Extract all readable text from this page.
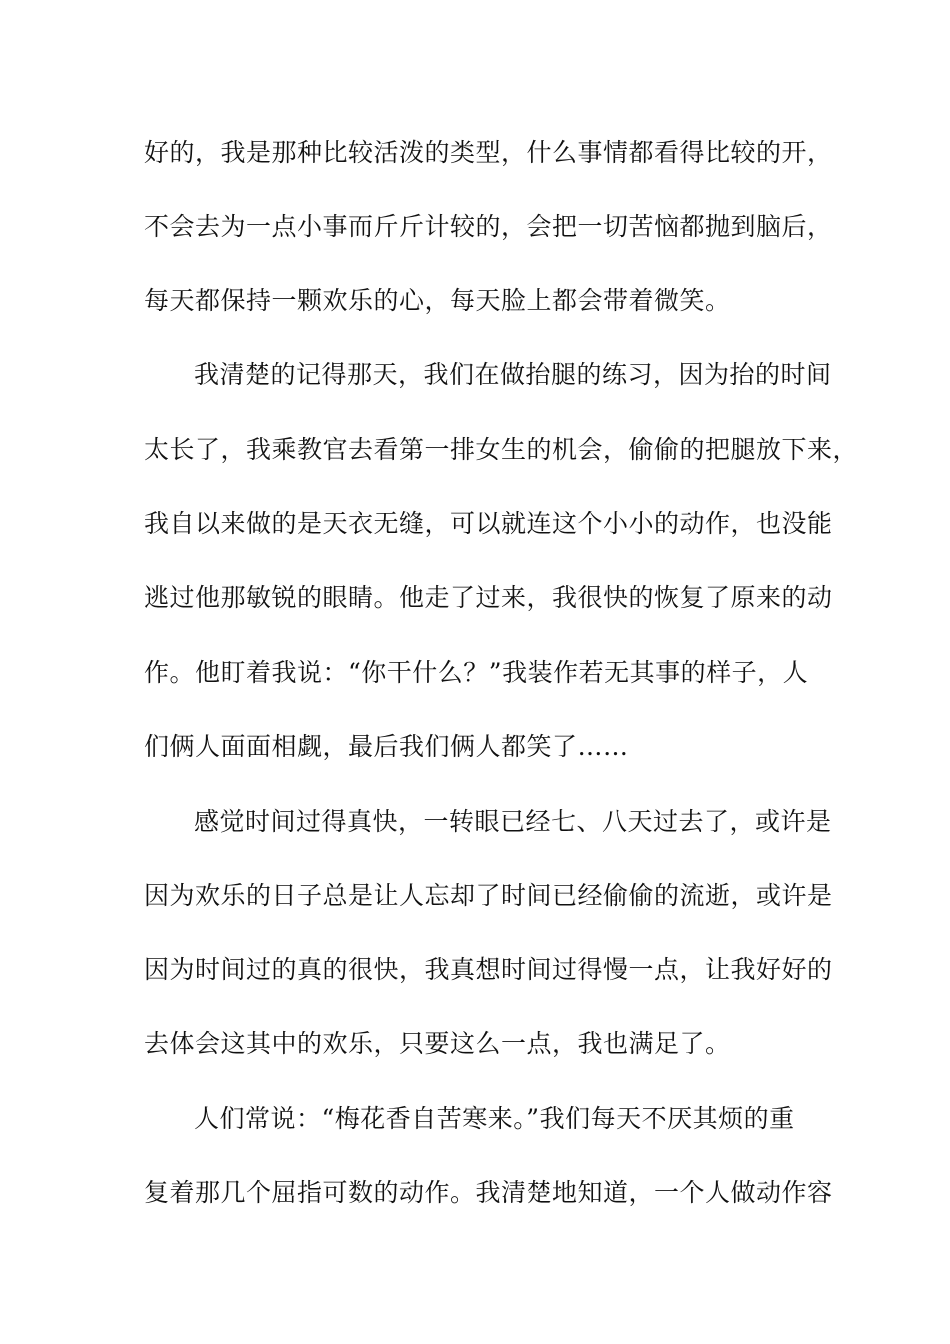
好的，我是那种比较活泼的类型，什么事情都看得比较的开，
不会去为一点小事而斤斤计较的，会把一切苦恼都抛到脑后，
每天都保持一颗欢乐的心，每天脸上都会带着微笑。
我清楚的记得那天，我们在做抬腿的练习，因为抬的时间
太长了，我乘教官去看第一排女生的机会，偷偷的把腿放下来，
我自以来做的是天衣无缝，可以就连这个小小的动作，也没能
逃过他那敏锐的眼睛。他走了过来，我很快的恢复了原来的动
作。他盯着我说：“你干什么？”我装作若无其事的样子，人
们俩人面面相觑，最后我们俩人都笑了……
感觉时间过得真快，一转眼已经七、八天过去了，或许是
因为欢乐的日子总是让人忘却了时间已经偷偷的流逝，或许是
因为时间过的真的很快，我真想时间过得慢一点，让我好好的
去体会这其中的欢乐，只要这么一点，我也满足了。
人们常说：“梅花香自苦寒来。”我们每天不厌其烦的重
复着那几个屈指可数的动作。我清楚地知道，一个人做动作容
